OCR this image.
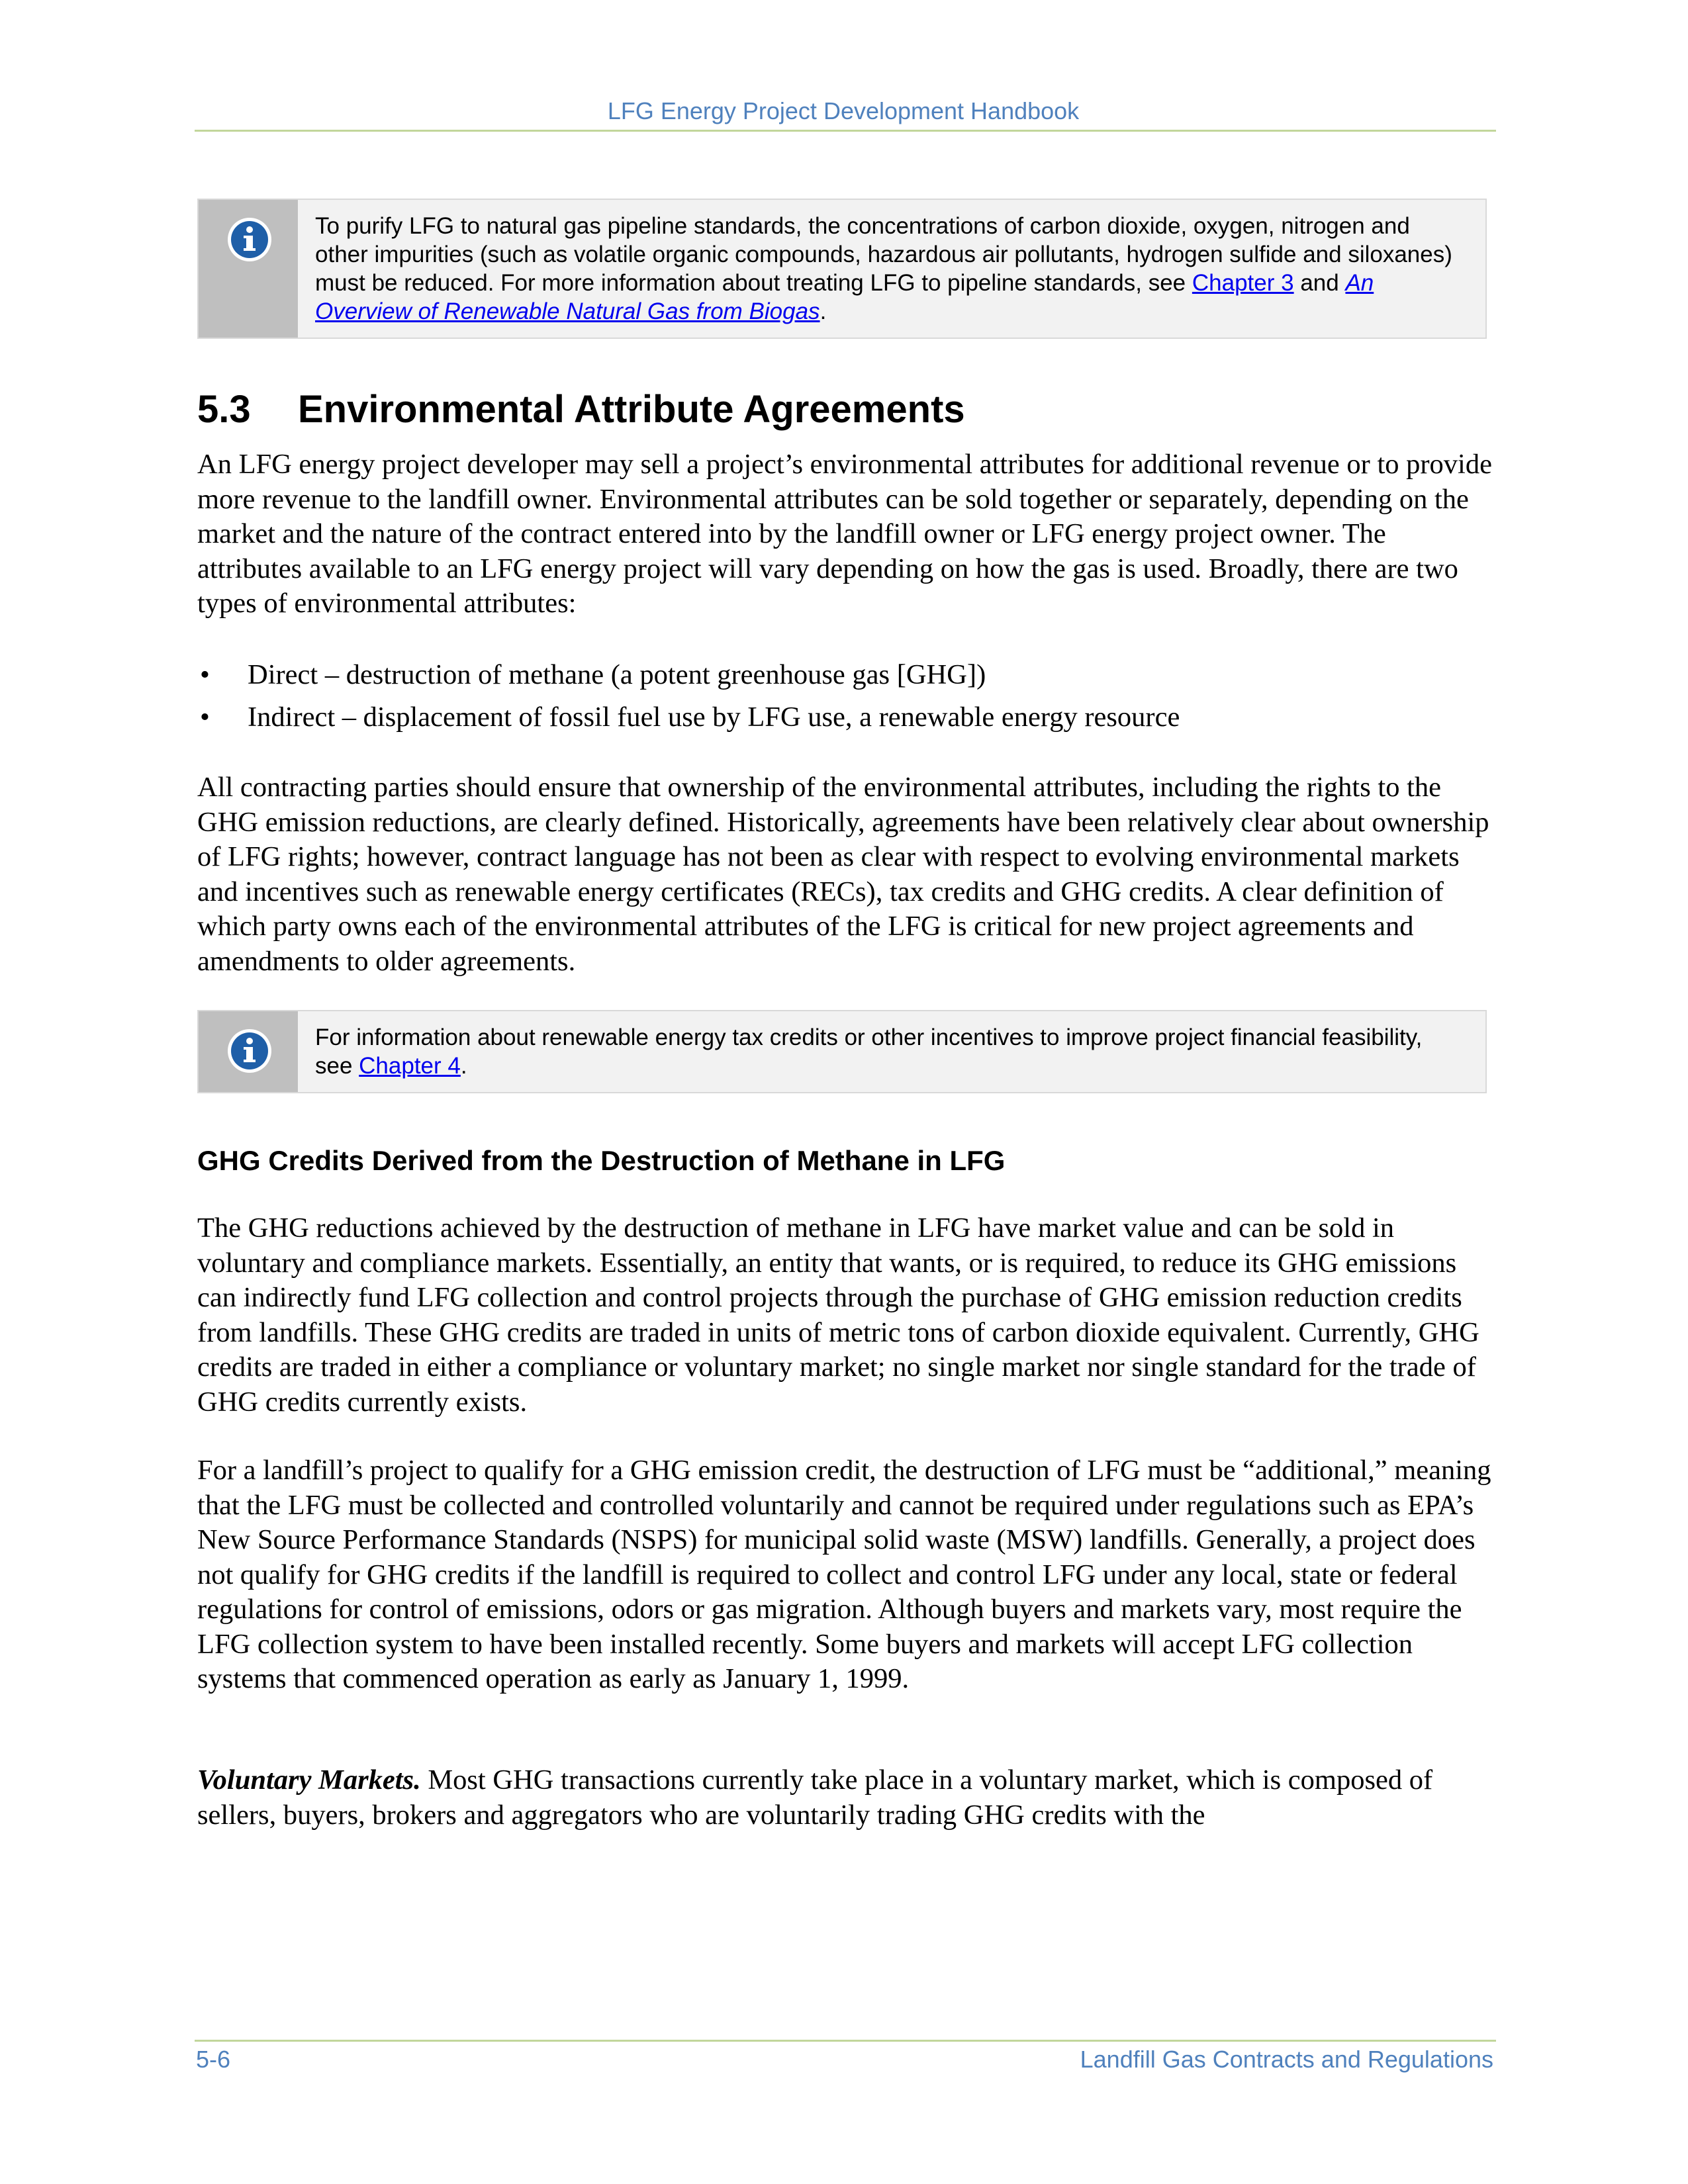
LFG Energy Project Development Handbook
To purify LFG to natural gas pipeline standards, the concentrations of carbon dioxide, oxygen, nitrogen and other impurities (such as volatile organic compounds, hazardous air pollutants, hydrogen sulfide and siloxanes) must be reduced. For more information about treating LFG to pipeline standards, see Chapter 3 and An Overview of Renewable Natural Gas from Biogas.
5.3 Environmental Attribute Agreements

An LFG energy project developer may sell a project’s environmental attributes for additional revenue or to provide more revenue to the landfill owner. Environmental attributes can be sold together or separately, depending on the market and the nature of the contract entered into by the landfill owner or LFG energy project owner. The attributes available to an LFG energy project will vary depending on how the gas is used. Broadly, there are two types of environmental attributes:

• Direct – destruction of methane (a potent greenhouse gas [GHG])
• Indirect – displacement of fossil fuel use by LFG use, a renewable energy resource

All contracting parties should ensure that ownership of the environmental attributes, including the rights to the GHG emission reductions, are clearly defined. Historically, agreements have been relatively clear about ownership of LFG rights; however, contract language has not been as clear with respect to evolving environmental markets and incentives such as renewable energy certificates (RECs), tax credits and GHG credits. A clear definition of which party owns each of the environmental attributes of the LFG is critical for new project agreements and amendments to older agreements.

For information about renewable energy tax credits or other incentives to improve project financial feasibility, see Chapter 4.
GHG Credits Derived from the Destruction of Methane in LFG

The GHG reductions achieved by the destruction of methane in LFG have market value and can be sold in voluntary and compliance markets. Essentially, an entity that wants, or is required, to reduce its GHG emissions can indirectly fund LFG collection and control projects through the purchase of GHG emission reduction credits from landfills. These GHG credits are traded in units of metric tons of carbon dioxide equivalent. Currently, GHG credits are traded in either a compliance or voluntary market; no single market nor single standard for the trade of GHG credits currently exists.

For a landfill’s project to qualify for a GHG emission credit, the destruction of LFG must be “additional,” meaning that the LFG must be collected and controlled voluntarily and cannot be required under regulations such as EPA’s New Source Performance Standards (NSPS) for municipal solid waste (MSW) landfills. Generally, a project does not qualify for GHG credits if the landfill is required to collect and control LFG under any local, state or federal regulations for control of emissions, odors or gas migration. Although buyers and markets vary, most require the LFG collection system to have been installed recently. Some buyers and markets will accept LFG collection systems that commenced operation as early as January 1, 1999.

Voluntary Markets. Most GHG transactions currently take place in a voluntary market, which is composed of sellers, buyers, brokers and aggregators who are voluntarily trading GHG credits with the

5-6	Landfill Gas Contracts and Regulations
